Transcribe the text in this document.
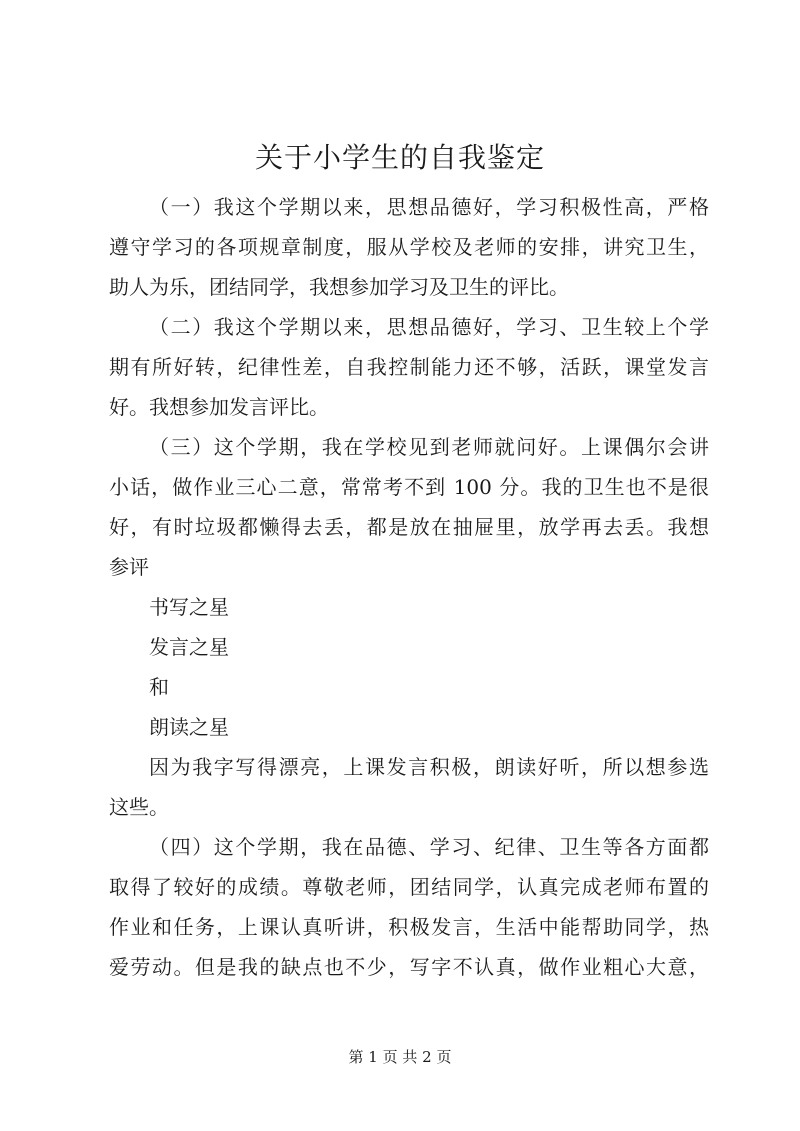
关于小学生的自我鉴定
（一）我这个学期以来，思想品德好，学习积极性高，严格
遵守学习的各项规章制度，服从学校及老师的安排，讲究卫生，
助人为乐，团结同学，我想参加学习及卫生的评比。
（二）我这个学期以来，思想品德好，学习、卫生较上个学
期有所好转，纪律性差，自我控制能力还不够，活跃，课堂发言
好。我想参加发言评比。
（三）这个学期，我在学校见到老师就问好。上课偶尔会讲
小话，做作业三心二意，常常考不到 100 分。我的卫生也不是很
好，有时垃圾都懒得去丢，都是放在抽屉里，放学再去丢。我想
参评
书写之星
发言之星
和
朗读之星
因为我字写得漂亮，上课发言积极，朗读好听，所以想参选
这些。
（四）这个学期，我在品德、学习、纪律、卫生等各方面都
取得了较好的成绩。尊敬老师，团结同学，认真完成老师布置的
作业和任务，上课认真听讲，积极发言，生活中能帮助同学，热
爱劳动。但是我的缺点也不少，写字不认真，做作业粗心大意，
第 1 页 共 2 页
